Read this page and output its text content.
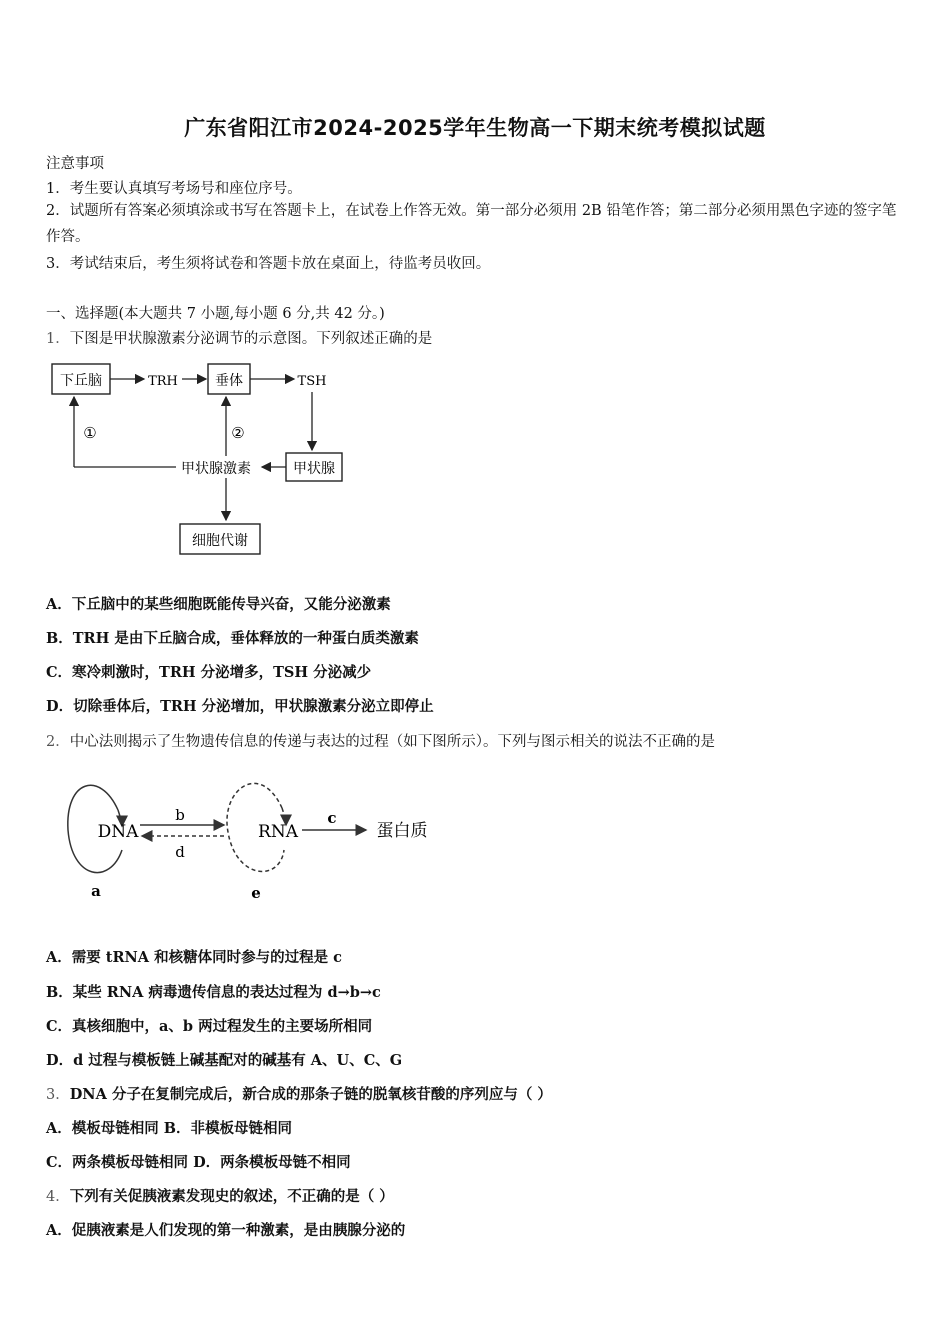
广东省阳江市2024-2025学年生物高一下期末统考模拟试题
注意事项
1．考生要认真填写考场号和座位序号。
2．试题所有答案必须填涂或书写在答题卡上，在试卷上作答无效。第一部分必须用 2B 铅笔作答；第二部分必须用黑色字迹的签字笔作答。
3．考试结束后，考生须将试卷和答题卡放在桌面上，待监考员收回。
一、选择题(本大题共 7 小题,每小题 6 分,共 42 分。)
1．下图是甲状腺激素分泌调节的示意图。下列叙述正确的是
下丘脑	TRH	垂体	TSH
甲状腺
甲状腺激素
①	②
细胞代谢
A．下丘脑中的某些细胞既能传导兴奋，又能分泌激素
B．TRH 是由下丘脑合成，垂体释放的一种蛋白质类激素
C．寒冷刺激时，TRH 分泌增多，TSH 分泌减少
D．切除垂体后，TRH 分泌增加，甲状腺激素分泌立即停止
2．中心法则揭示了生物遗传信息的传递与表达的过程（如下图所示）。下列与图示相关的说法不正确的是
DNA
a
b
d
RNA
e
c
蛋白质
A．需要 tRNA 和核糖体同时参与的过程是 c
B．某些 RNA 病毒遗传信息的表达过程为 d→b→c
C．真核细胞中，a、b 两过程发生的主要场所相同
D．d 过程与模板链上碱基配对的碱基有 A、U、C、G
3．DNA 分子在复制完成后，新合成的那条子链的脱氧核苷酸的序列应与（ ）
A．模板母链相同 B．非模板母链相同
C．两条模板母链相同 D．两条模板母链不相同
4．下列有关促胰液素发现史的叙述，不正确的是（ ）
A．促胰液素是人们发现的第一种激素，是由胰腺分泌的
